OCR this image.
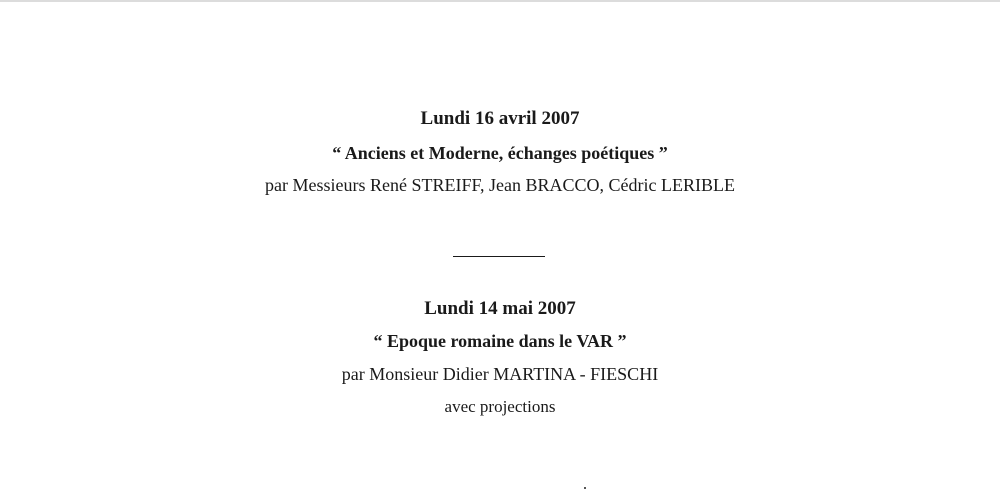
Lundi 16 avril 2007
“ Anciens et Moderne, échanges poétiques ”
par Messieurs René STREIFF, Jean BRACCO, Cédric LERIBLE
Lundi 14 mai 2007
“ Epoque romaine dans le VAR ”
par Monsieur Didier MARTINA - FIESCHI
avec projections
